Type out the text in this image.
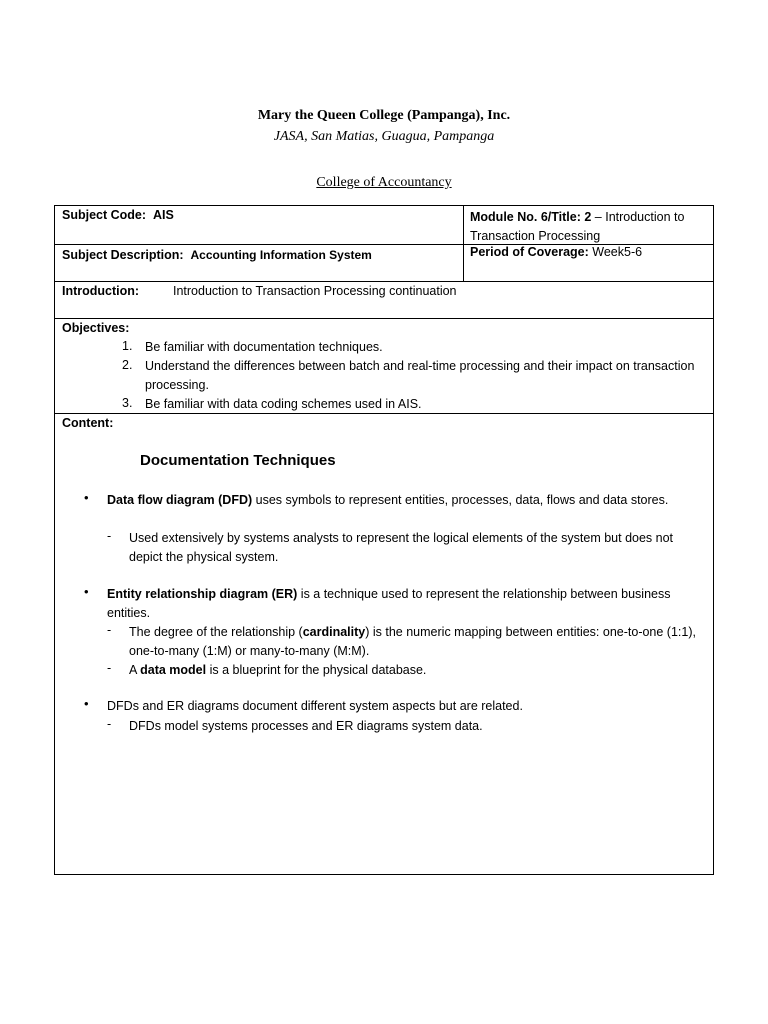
Mary the Queen College (Pampanga), Inc.
JASA, San Matias, Guagua, Pampanga
College of Accountancy
Subject Code: AIS	Module No. 6/Title: 2 – Introduction to Transaction Processing
Subject Description: Accounting Information System	Period of Coverage: Week5-6
Introduction:	Introduction to Transaction Processing continuation
Objectives:
1. Be familiar with documentation techniques.
2. Understand the differences between batch and real-time processing and their impact on transaction processing.
3. Be familiar with data coding schemes used in AIS.
Content:
Documentation Techniques
• Data flow diagram (DFD) uses symbols to represent entities, processes, data, flows and data stores.
- Used extensively by systems analysts to represent the logical elements of the system but does not depict the physical system.
• Entity relationship diagram (ER) is a technique used to represent the relationship between business entities.
- The degree of the relationship (cardinality) is the numeric mapping between entities: one-to-one (1:1), one-to-many (1:M) or many-to-many (M:M).
- A data model is a blueprint for the physical database.
• DFDs and ER diagrams document different system aspects but are related.
- DFDs model systems processes and ER diagrams system data.
